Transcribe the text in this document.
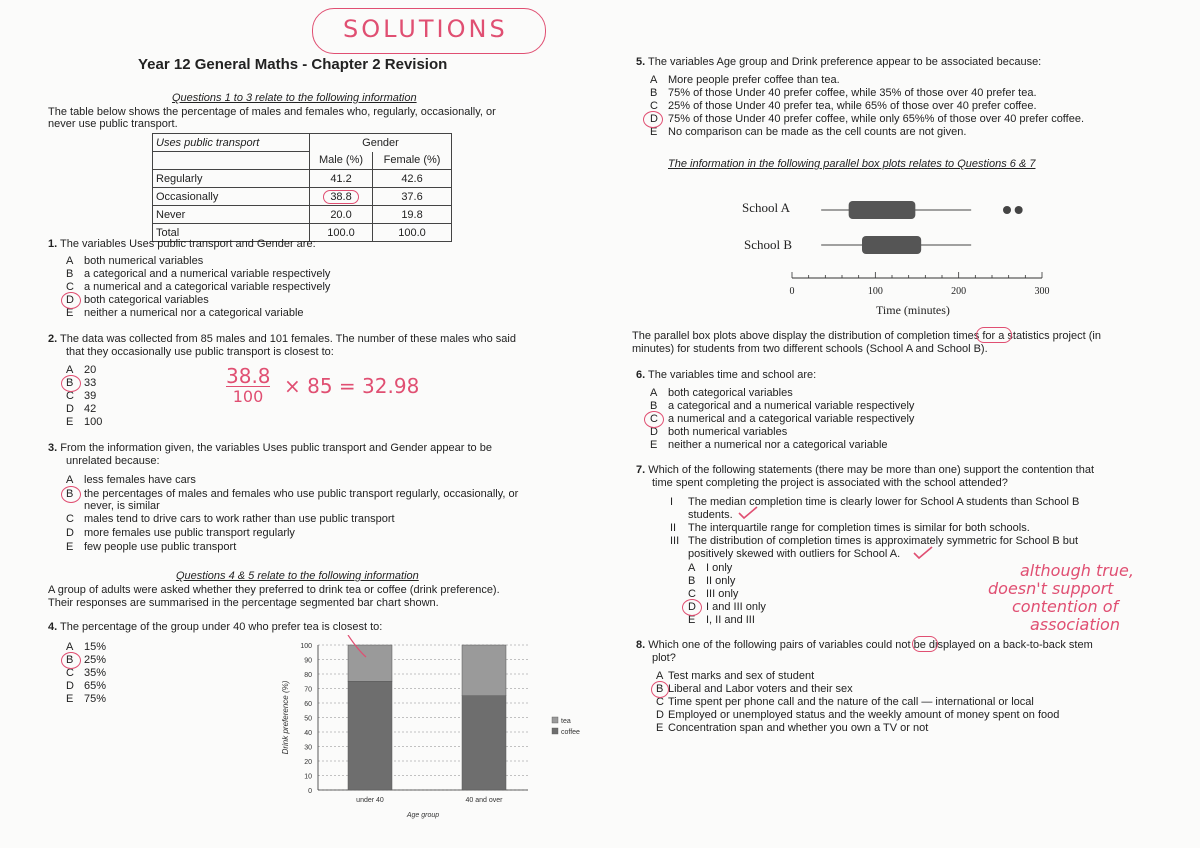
SOLUTIONS
Year 12 General Maths - Chapter 2 Revision
Questions 1 to 3 relate to the following information
The table below shows the percentage of males and females who, regularly, occasionally, or
never use public transport.
Uses public transport	Gender	
	Male (%)	Female (%)
Regularly	41.2	42.6
Occasionally	38.8	37.6
Never	20.0	19.8
Total	100.0	100.0
1. The variables Uses public transport and Gender are:
A both numerical variables
B a categorical and a numerical variable respectively
C a numerical and a categorical variable respectively
D both categorical variables
E neither a numerical nor a categorical variable
2. The data was collected from 85 males and 101 females. The number of these males who said
that they occasionally use public transport is closest to:
A 20
B 33
C 39
D 42
E 100
38.8
100	× 85 = 32.98
3. From the information given, the variables Uses public transport and Gender appear to be
unrelated because:
A less females have cars
B the percentages of males and females who use public transport regularly, occasionally, or
never, is similar
C males tend to drive cars to work rather than use public transport
D more females use public transport regularly
E few people use public transport
Questions 4 & 5 relate to the following information
A group of adults were asked whether they preferred to drink tea or coffee (drink preference).
Their responses are summarised in the percentage segmented bar chart shown.
4. The percentage of the group under 40 who prefer tea is closest to:
A 15%
B 25%
C 35%
D 65%
E 75%
0
10
20
30
40
50
60
70
80
90
100
Drink preference (%)
under 40	40 and over
Age group
tea
coffee
5. The variables Age group and Drink preference appear to be associated because:
A More people prefer coffee than tea.
B 75% of those Under 40 prefer coffee, while 35% of those over 40 prefer tea.
C 25% of those Under 40 prefer tea, while 65% of those over 40 prefer coffee.
D 75% of those Under 40 prefer coffee, while only 65%% of those over 40 prefer coffee.
E No comparison can be made as the cell counts are not given.
The information in the following parallel box plots relates to Questions 6 & 7
School A
School B
Time (minutes)
0	100	200	300
The parallel box plots above display the distribution of completion times for a statistics project (in
minutes) for students from two different schools (School A and School B).
6. The variables time and school are:
A both categorical variables
B a categorical and a numerical variable respectively
C a numerical and a categorical variable respectively
D both numerical variables
E neither a numerical nor a categorical variable
7. Which of the following statements (there may be more than one) support the contention that
time spent completing the project is associated with the school attended?
I The median completion time is clearly lower for School A students than School B
students.
II The interquartile range for completion times is similar for both schools.
III The distribution of completion times is approximately symmetric for School B but
positively skewed with outliers for School A.
A I only
B II only
C III only
D I and III only
E I, II and III
although true,
doesn't support
contention of
association
8. Which one of the following pairs of variables could not be displayed on a back-to-back stem
plot?
A Test marks and sex of student
B Liberal and Labor voters and their sex
C Time spent per phone call and the nature of the call — international or local
D Employed or unemployed status and the weekly amount of money spent on food
E Concentration span and whether you own a TV or not
